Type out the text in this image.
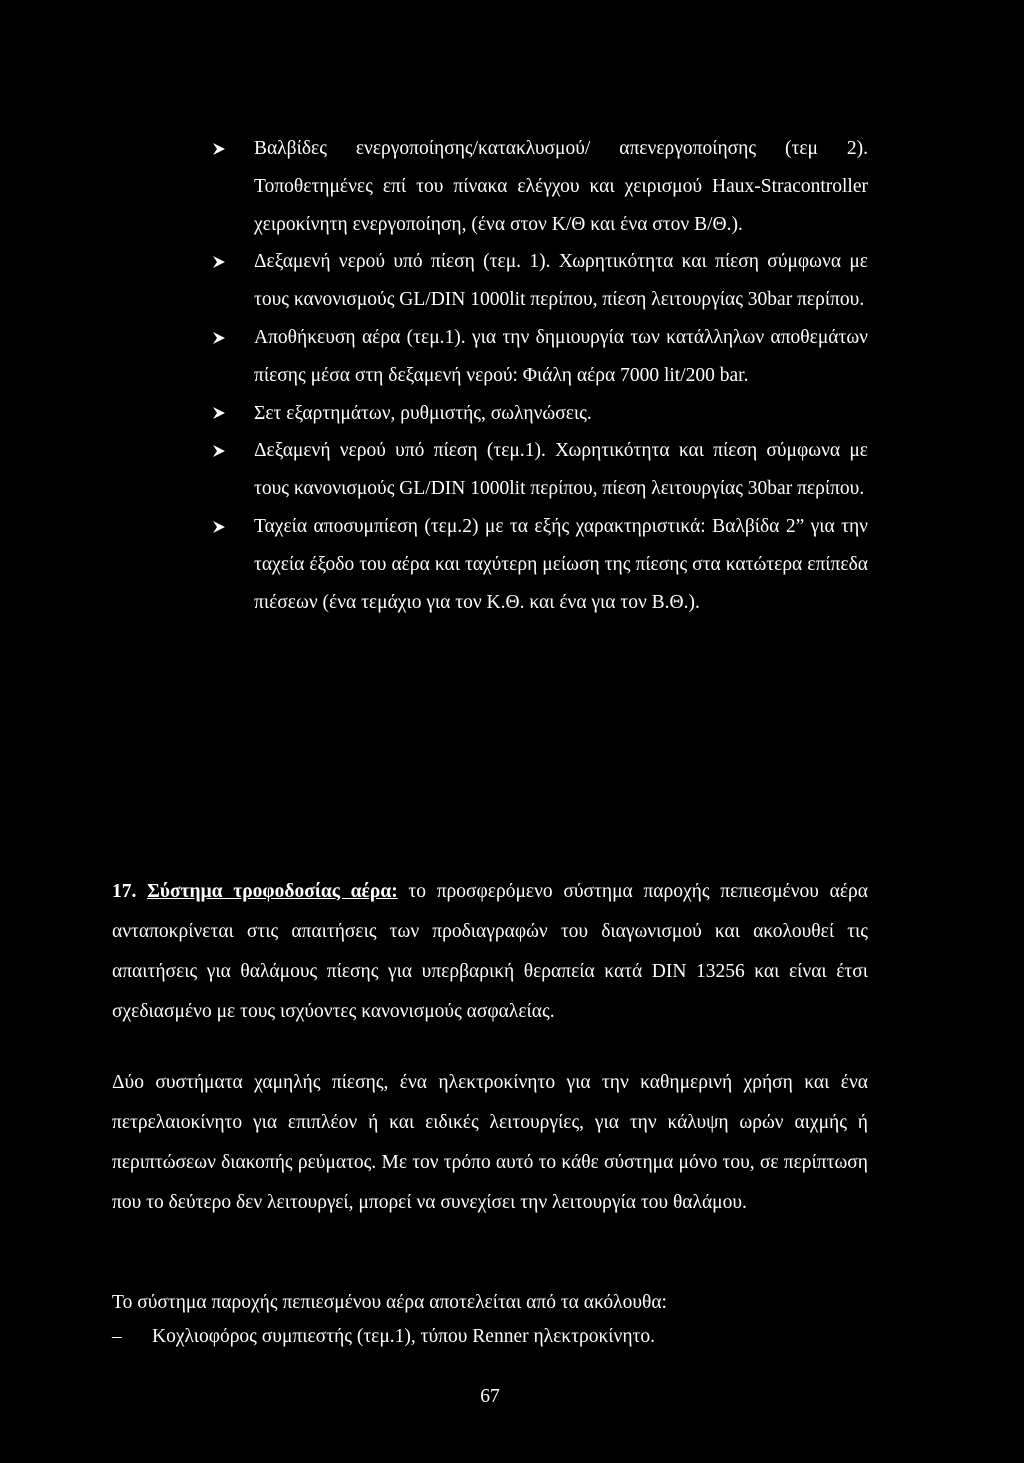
Βαλβίδες ενεργοποίησης/κατακλυσμού/ απενεργοποίησης (τεμ 2). Τοποθετημένες επί του πίνακα ελέγχου και χειρισμού Haux-Stracontroller χειροκίνητη ενεργοποίηση, (ένα στον Κ/Θ και ένα στον Β/Θ.).
Δεξαμενή νερού υπό πίεση (τεμ. 1). Χωρητικότητα και πίεση σύμφωνα με τους κανονισμούς GL/DIN 1000lit περίπου, πίεση λειτουργίας 30bar περίπου.
Αποθήκευση αέρα (τεμ.1). για την δημιουργία των κατάλληλων αποθεμάτων πίεσης μέσα στη δεξαμενή νερού: Φιάλη αέρα 7000 lit/200 bar.
Σετ εξαρτημάτων, ρυθμιστής, σωληνώσεις.
Δεξαμενή νερού υπό πίεση (τεμ.1). Χωρητικότητα και πίεση σύμφωνα με τους κανονισμούς GL/DIN 1000lit περίπου, πίεση λειτουργίας 30bar περίπου.
Ταχεία αποσυμπίεση (τεμ.2) με τα εξής χαρακτηριστικά: Βαλβίδα 2” για την ταχεία έξοδο του αέρα και ταχύτερη μείωση της πίεσης στα κατώτερα επίπεδα πιέσεων (ένα τεμάχιο για τον Κ.Θ. και ένα για τον Β.Θ.).
17. Σύστημα τροφοδοσίας αέρα: το προσφερόμενο σύστημα παροχής πεπιεσμένου αέρα ανταποκρίνεται στις απαιτήσεις των προδιαγραφών του διαγωνισμού και ακολουθεί τις απαιτήσεις για θαλάμους πίεσης για υπερβαρική θεραπεία κατά DIN 13256 και είναι έτσι σχεδιασμένο με τους ισχύοντες κανονισμούς ασφαλείας.
Δύο συστήματα χαμηλής πίεσης, ένα ηλεκτροκίνητο για την καθημερινή χρήση και ένα πετρελαιοκίνητο για επιπλέον ή και ειδικές λειτουργίες, για την κάλυψη ωρών αιχμής ή περιπτώσεων διακοπής ρεύματος. Με τον τρόπο αυτό το κάθε σύστημα μόνο του, σε περίπτωση που το δεύτερο δεν λειτουργεί, μπορεί να συνεχίσει την λειτουργία του θαλάμου.
Το σύστημα παροχής πεπιεσμένου αέρα αποτελείται από τα ακόλουθα:
– Κοχλιοφόρος συμπιεστής (τεμ.1), τύπου Renner ηλεκτροκίνητο.
67
